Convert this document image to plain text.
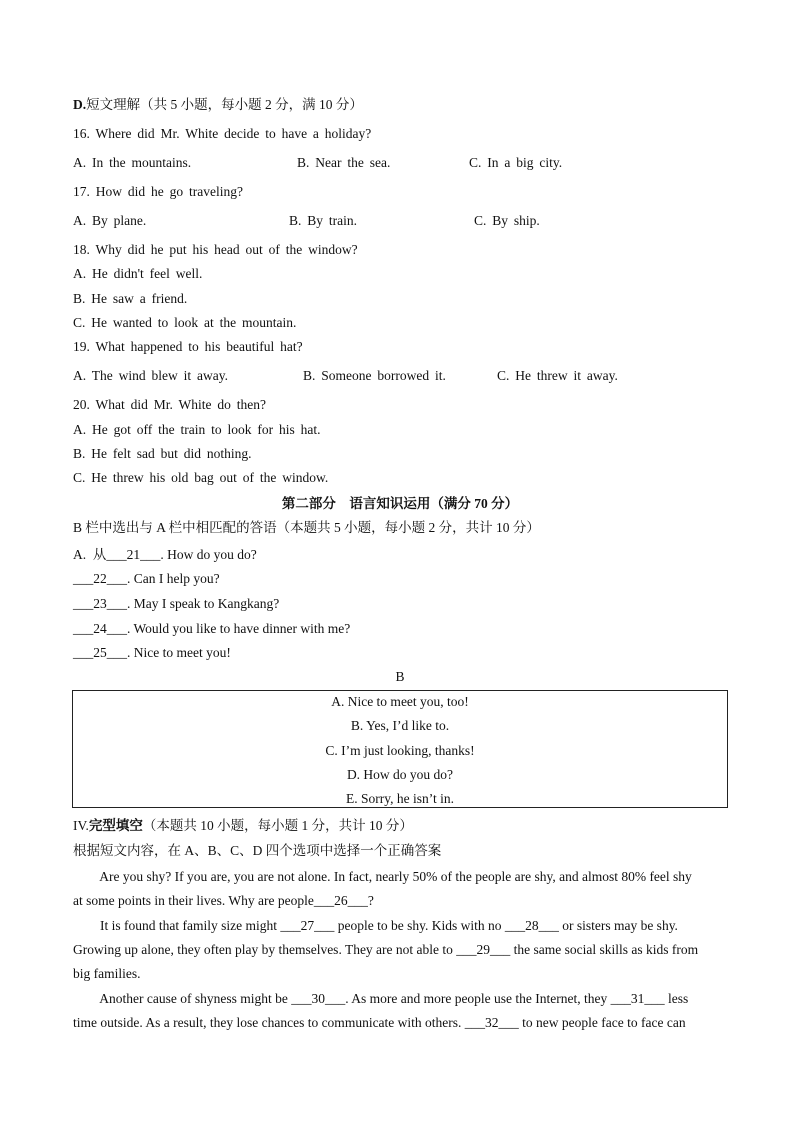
D.短文理解（共 5 小题，每小题 2 分，满 10 分）
16. Where did Mr. White decide to have a holiday?
A. In the mountains.	B. Near the sea.	C. In a big city.
17. How did he go traveling?
A. By plane.	B. By train.	C. By ship.
18. Why did he put his head out of the window?
A. He didn't feel well.
B. He saw a friend.
C. He wanted to look at the mountain.
19. What happened to his beautiful hat?
A. The wind blew it away.	B. Someone borrowed it.	C. He threw it away.
20. What did Mr. White do then?
A. He got off the train to look for his hat.
B. He felt sad but did nothing.
C. He threw his old bag out of the window.
第二部分　语言知识运用（满分 70 分）
B 栏中选出与 A 栏中相匹配的答语（本题共 5 小题，每小题 2 分，共计 10 分）
A.  从___21___. How do you do?
___22___. Can I help you?
___23___. May I speak to Kangkang?
___24___. Would you like to have dinner with me?
___25___. Nice to meet you!
B
A. Nice to meet you, too!
B. Yes, I’d like to.
C. I’m just looking, thanks!
D. How do you do?
E. Sorry, he isn’t in.
IV.完型填空（本题共 10 小题，每小题 1 分，共计 10 分）
根据短文内容，在 A、B、C、D 四个选项中选择一个正确答案
Are you shy? If you are, you are not alone. In fact, nearly 50% of the people are shy, and almost 80% feel shy
at some points in their lives. Why are people___26___?
It is found that family size might ___27___ people to be shy. Kids with no ___28___ or sisters may be shy.
Growing up alone, they often play by themselves. They are not able to ___29___ the same social skills as kids from
big families.
Another cause of shyness might be ___30___. As more and more people use the Internet, they ___31___ less
time outside. As a result, they lose chances to communicate with others. ___32___ to new people face to face can
